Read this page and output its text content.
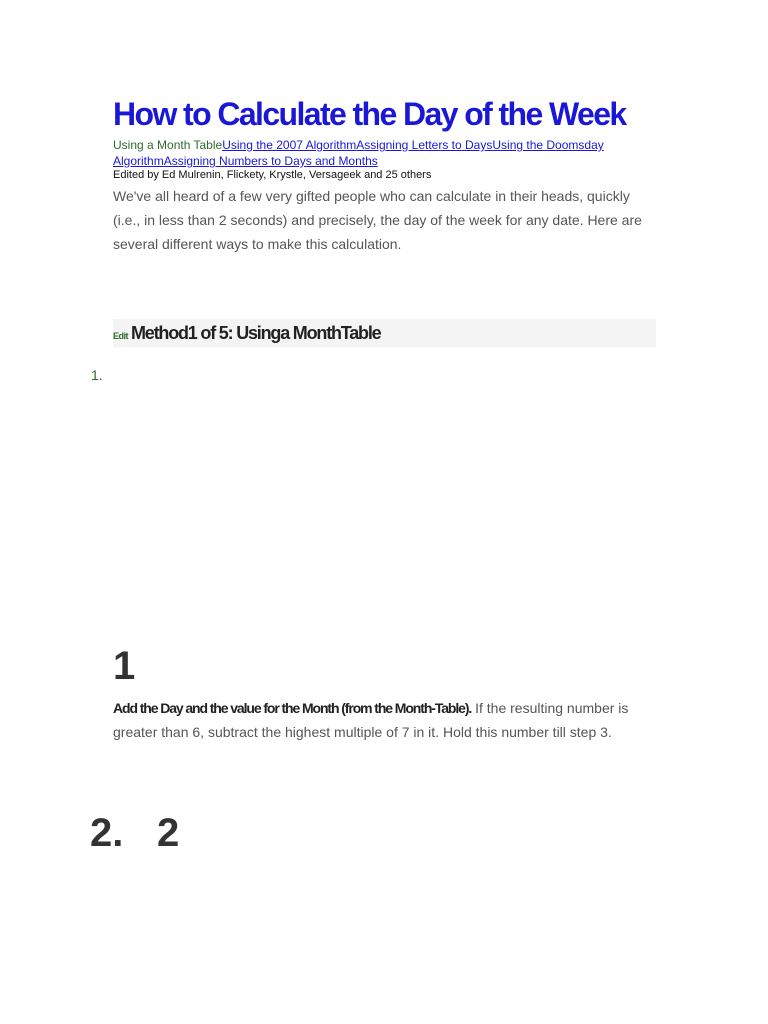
How to Calculate the Day of the Week
Using a Month TableUsing the 2007 AlgorithmAssigning Letters to DaysUsing the Doomsday AlgorithmAssigning Numbers to Days and Months
Edited by Ed Mulrenin, Flickety, Krystle, Versageek and 25 others

We've all heard of a few very gifted people who can calculate in their heads, quickly (i.e., in less than 2 seconds) and precisely, the day of the week for any date. Here are several different ways to make this calculation.

Edit Method1 of 5: Usinga MonthTable
1.
1

Add the Day and the value for the Month (from the Month-Table). If the resulting number is greater than 6, subtract the highest multiple of 7 in it. Hold this number till step 3.

2. 2
